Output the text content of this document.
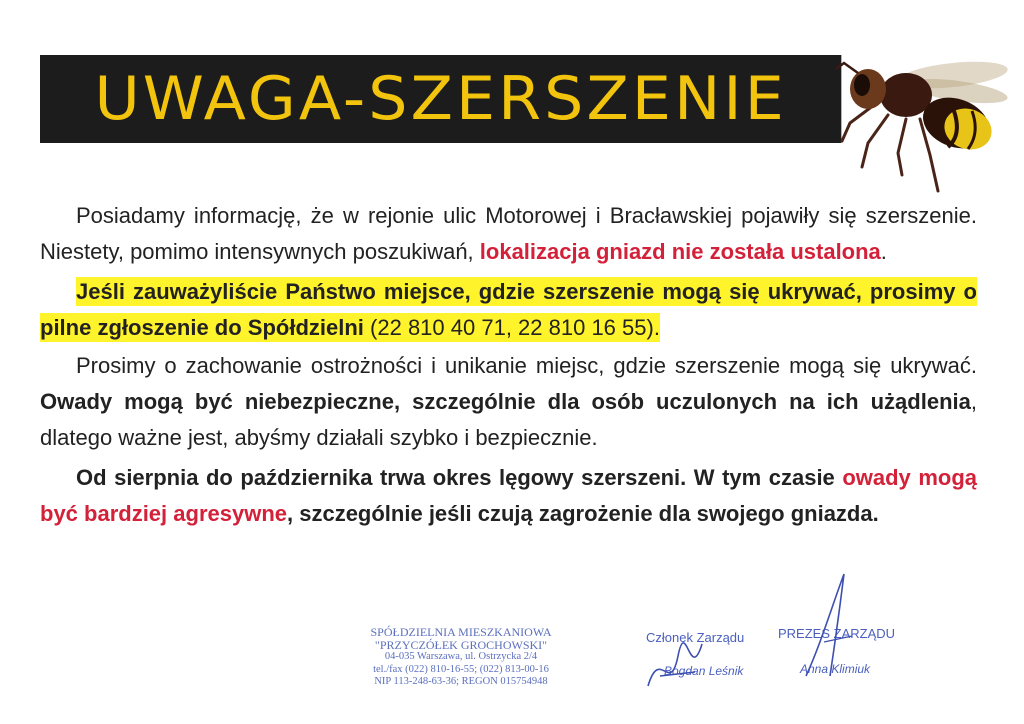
UWAGA-SZERSZENIE

Posiadamy informację, że w rejonie ulic Motorowej i Bracławskiej pojawiły się szerszenie. Niestety, pomimo intensywnych poszukiwań, lokalizacja gniazd nie została ustalona.

Jeśli zauważyliście Państwo miejsce, gdzie szerszenie mogą się ukrywać, prosimy o pilne zgłoszenie do Spółdzielni (22 810 40 71, 22 810 16 55).

Prosimy o zachowanie ostrożności i unikanie miejsc, gdzie szerszenie mogą się ukrywać. Owady mogą być niebezpieczne, szczególnie dla osób uczulonych na ich użądlenia, dlatego ważne jest, abyśmy działali szybko i bezpiecznie.

Od sierpnia do października trwa okres lęgowy szerszeni. W tym czasie owady mogą być bardziej agresywne, szczególnie jeśli czują zagrożenie dla swojego gniazda.

SPÓŁDZIELNIA MIESZKANIOWA
"PRZYCZÓŁEK GROCHOWSKI"
04-035 Warszawa, ul. Ostrzycka 2/4
tel./fax (022) 810-16-55; (022) 813-00-16
NIP 113-248-63-36; REGON 015754948
Członek Zarządu
Bogdan Leśnik
PREZES ZARZĄDU
Anna Klimiuk
